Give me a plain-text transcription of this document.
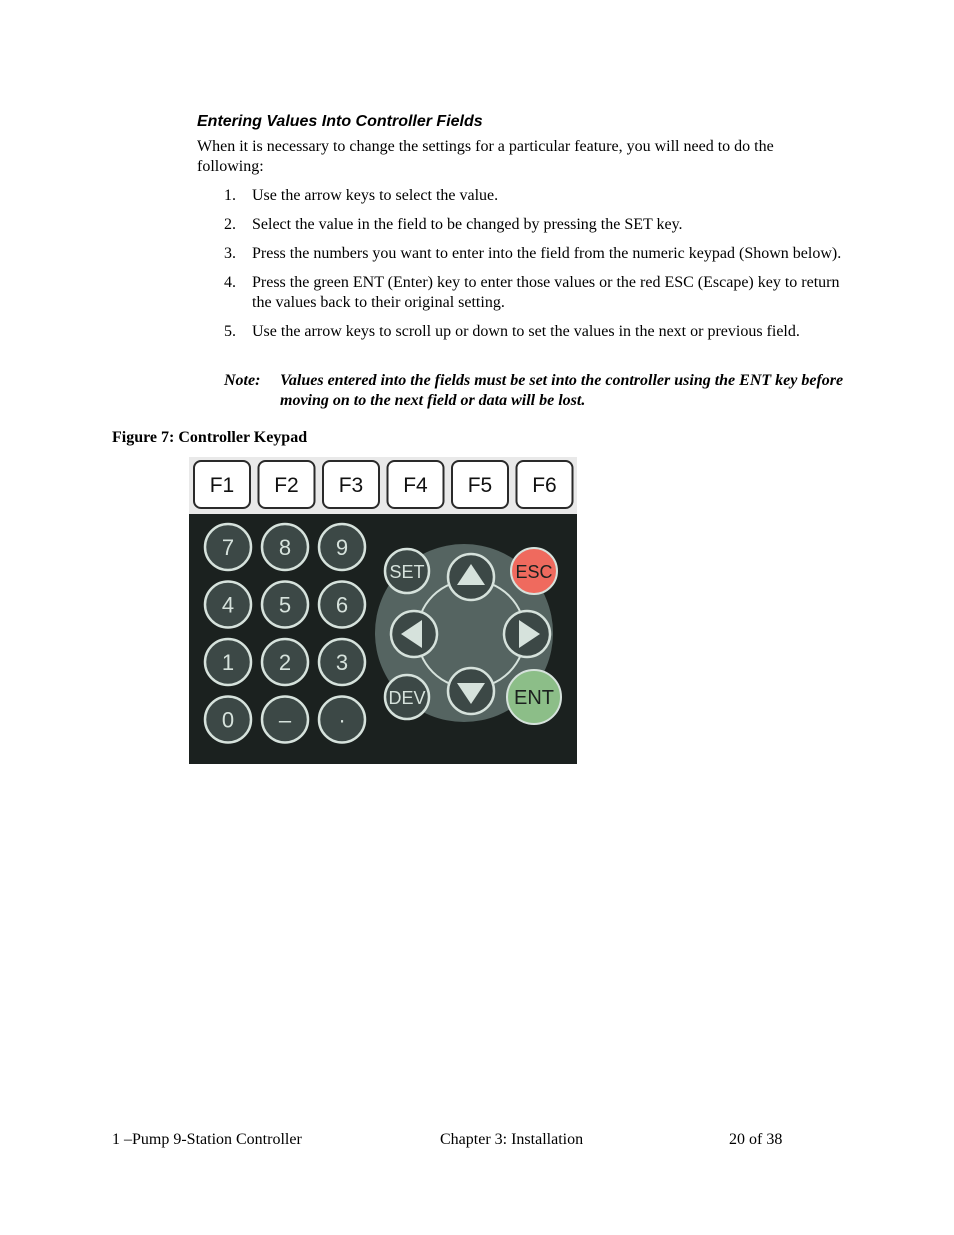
Entering Values Into Controller Fields
When it is necessary to change the settings for a particular feature, you will need to do the following:
1. Use the arrow keys to select the value.
2. Select the value in the field to be changed by pressing the SET key.
3. Press the numbers you want to enter into the field from the numeric keypad (Shown below).
4. Press the green ENT (Enter) key to enter those values or the red ESC (Escape) key to return the values back to their original setting.
5. Use the arrow keys to scroll up or down to set the values in the next or previous field.
Note: Values entered into the fields must be set into the controller using the ENT key before moving on to the next field or data will be lost.
Figure 7: Controller Keypad
F1 F2 F3 F4 F5 F6
7 8 9
4 5 6
1 2 3
0 – ·
SET
DEV
ESC
ENT
1 –Pump 9-Station Controller	Chapter 3: Installation	20 of 38
